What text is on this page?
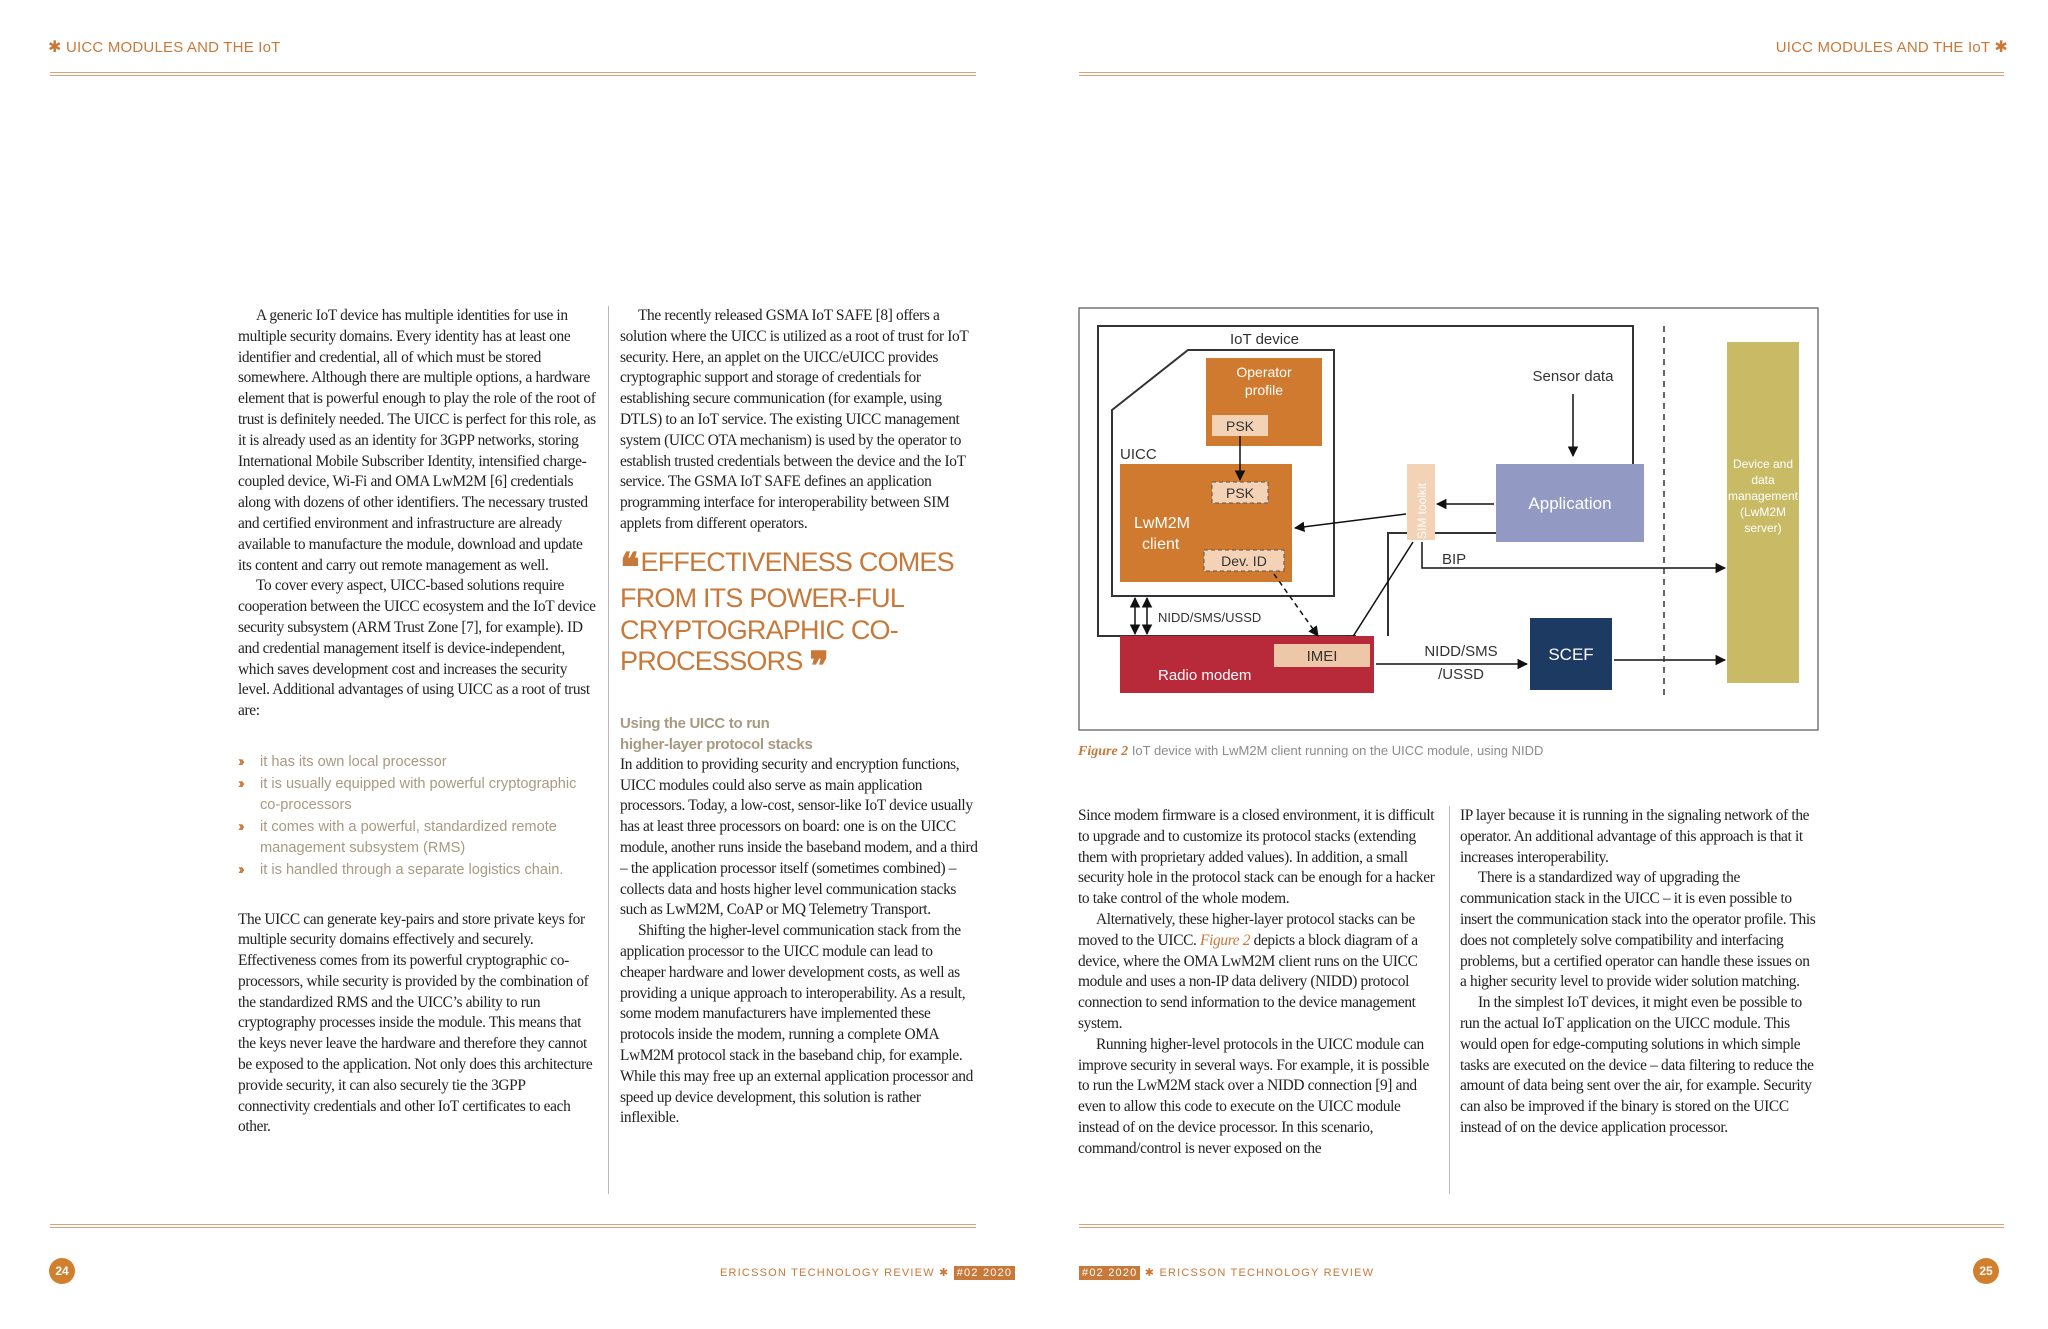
✱ UICC MODULES AND THE IoT

A generic IoT device has multiple identities for use in multiple security domains. Every identity has at least one identifier and credential, all of which must be stored somewhere. Although there are multiple options, a hardware element that is powerful enough to play the role of the root of trust is definitely needed. The UICC is perfect for this role, as it is already used as an identity for 3GPP networks, storing International Mobile Subscriber Identity, intensified charge-coupled device, Wi-Fi and OMA LwM2M [6] credentials along with dozens of other identifiers. The necessary trusted and certified environment and infrastructure are already available to manufacture the module, download and update its content and carry out remote management as well.

To cover every aspect, UICC-based solutions require cooperation between the UICC ecosystem and the IoT device security subsystem (ARM Trust Zone [7], for example). ID and credential management itself is device-independent, which saves development cost and increases the security level. Additional advantages of using UICC as a root of trust are:

›› it has its own local processor
›› it is usually equipped with powerful cryptographic co-processors
›› it comes with a powerful, standardized remote management subsystem (RMS)
›› it is handled through a separate logistics chain.

The UICC can generate key-pairs and store private keys for multiple security domains effectively and securely. Effectiveness comes from its powerful cryptographic co-processors, while security is provided by the combination of the standardized RMS and the UICC’s ability to run cryptography processes inside the module. This means that the keys never leave the hardware and therefore they cannot be exposed to the application. Not only does this architecture provide security, it can also securely tie the 3GPP connectivity credentials and other IoT certificates to each other.

The recently released GSMA IoT SAFE [8] offers a solution where the UICC is utilized as a root of trust for IoT security. Here, an applet on the UICC/eUICC provides cryptographic support and storage of credentials for establishing secure communication (for example, using DTLS) to an IoT service. The existing UICC management system (UICC OTA mechanism) is used by the operator to establish trusted credentials between the device and the IoT service. The GSMA IoT SAFE defines an application programming interface for interoperability between SIM applets from different operators.

❛❛ EFFECTIVENESS COMES FROM ITS POWER-FUL CRYPTOGRAPHIC CO-PROCESSORS ❜❜
Using the UICC to run higher-layer protocol stacks

In addition to providing security and encryption functions, UICC modules could also serve as main application processors. Today, a low-cost, sensor-like IoT device usually has at least three processors on board: one is on the UICC module, another runs inside the baseband modem, and a third – the application processor itself (sometimes combined) – collects data and hosts higher level communication stacks such as LwM2M, CoAP or MQ Telemetry Transport.

Shifting the higher-level communication stack from the application processor to the UICC module can lead to cheaper hardware and lower development costs, as well as providing a unique approach to interoperability. As a result, some modem manufacturers have implemented these protocols inside the modem, running a complete OMA LwM2M protocol stack in the baseband chip, for example. While this may free up an external application processor and speed up device development, this solution is rather inflexible.

24	ERICSSON TECHNOLOGY REVIEW ✱ #02 2020
UICC MODULES AND THE IoT ✱
IoT device
UICC
Operator
profile
PSK
LwM2M
client
PSK
Dev. ID
SIM toolkit
Sensor data
Application
BIP
Radio modem
IMEI
NIDD/SMS/USSD
NIDD/SMS
/USSD
SCEF
Device and
data
management
(LwM2M
server)
Figure 2 IoT device with LwM2M client running on the UICC module, using NIDD

Since modem firmware is a closed environment, it is difficult to upgrade and to customize its protocol stacks (extending them with proprietary added values). In addition, a small security hole in the protocol stack can be enough for a hacker to take control of the whole modem.

Alternatively, these higher-layer protocol stacks can be moved to the UICC. Figure 2 depicts a block diagram of a device, where the OMA LwM2M client runs on the UICC module and uses a non-IP data delivery (NIDD) protocol connection to send information to the device management system.

Running higher-level protocols in the UICC module can improve security in several ways. For example, it is possible to run the LwM2M stack over a NIDD connection [9] and even to allow this code to execute on the UICC module instead of on the device processor. In this scenario, command/control is never exposed on the

IP layer because it is running in the signaling network of the operator. An additional advantage of this approach is that it increases interoperability.

There is a standardized way of upgrading the communication stack in the UICC – it is even possible to insert the communication stack into the operator profile. This does not completely solve compatibility and interfacing problems, but a certified operator can handle these issues on a higher security level to provide wider solution matching.

In the simplest IoT devices, it might even be possible to run the actual IoT application on the UICC module. This would open for edge-computing solutions in which simple tasks are executed on the device – data filtering to reduce the amount of data being sent over the air, for example. Security can also be improved if the binary is stored on the UICC instead of on the device application processor.

#02 2020 ✱ ERICSSON TECHNOLOGY REVIEW	25
